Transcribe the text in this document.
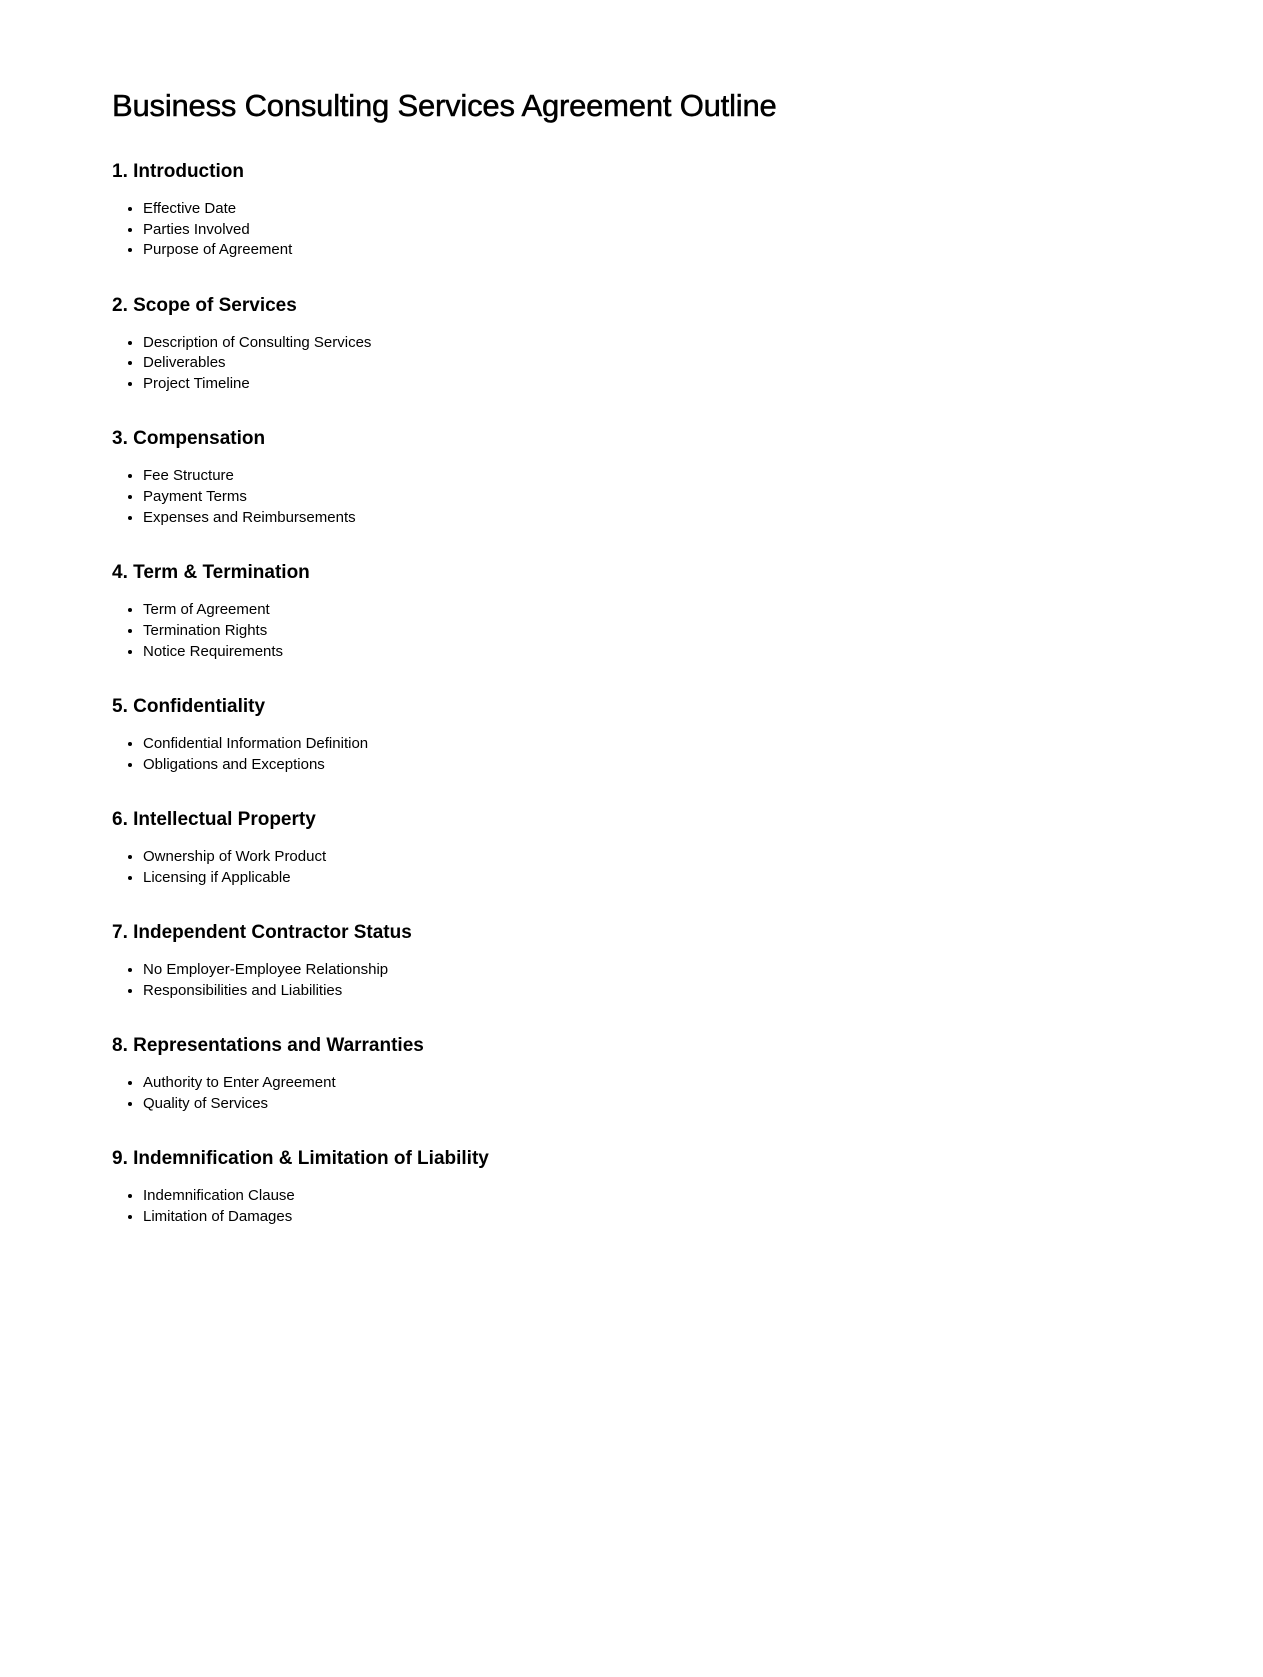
Business Consulting Services Agreement Outline
1. Introduction
• Effective Date
• Parties Involved
• Purpose of Agreement
2. Scope of Services
• Description of Consulting Services
• Deliverables
• Project Timeline
3. Compensation
• Fee Structure
• Payment Terms
• Expenses and Reimbursements
4. Term & Termination
• Term of Agreement
• Termination Rights
• Notice Requirements
5. Confidentiality
• Confidential Information Definition
• Obligations and Exceptions
6. Intellectual Property
• Ownership of Work Product
• Licensing if Applicable
7. Independent Contractor Status
• No Employer-Employee Relationship
• Responsibilities and Liabilities
8. Representations and Warranties
• Authority to Enter Agreement
• Quality of Services
9. Indemnification & Limitation of Liability
• Indemnification Clause
• Limitation of Damages
